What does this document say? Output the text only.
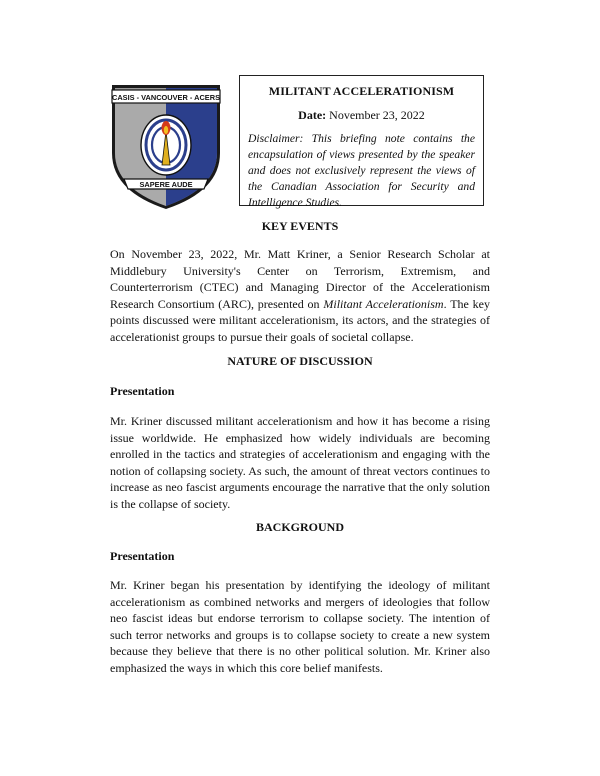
CASIS - VANCOUVER - ACERS
SAPERE AUDE

MILITANT ACCELERATIONISM

Date: November 23, 2022

Disclaimer: This briefing note contains the encapsulation of views presented by the speaker and does not exclusively represent the views of the Canadian Association for Security and Intelligence Studies.

KEY EVENTS

On November 23, 2022, Mr. Matt Kriner, a Senior Research Scholar at Middlebury University's Center on Terrorism, Extremism, and Counterterrorism (CTEC) and Managing Director of the Accelerationism Research Consortium (ARC), presented on Militant Accelerationism. The key points discussed were militant accelerationism, its actors, and the strategies of accelerationist groups to pursue their goals of societal collapse.

NATURE OF DISCUSSION

Presentation

Mr. Kriner discussed militant accelerationism and how it has become a rising issue worldwide. He emphasized how widely individuals are becoming enrolled in the tactics and strategies of accelerationism and engaging with the notion of collapsing society. As such, the amount of threat vectors continues to increase as neo fascist arguments encourage the narrative that the only solution is the collapse of society.

BACKGROUND

Presentation

Mr. Kriner began his presentation by identifying the ideology of militant accelerationism as combined networks and mergers of ideologies that follow neo fascist ideas but endorse terrorism to collapse society. The intention of such terror networks and groups is to collapse society to create a new system because they believe that there is no other political solution. Mr. Kriner also emphasized the ways in which this core belief manifests.
